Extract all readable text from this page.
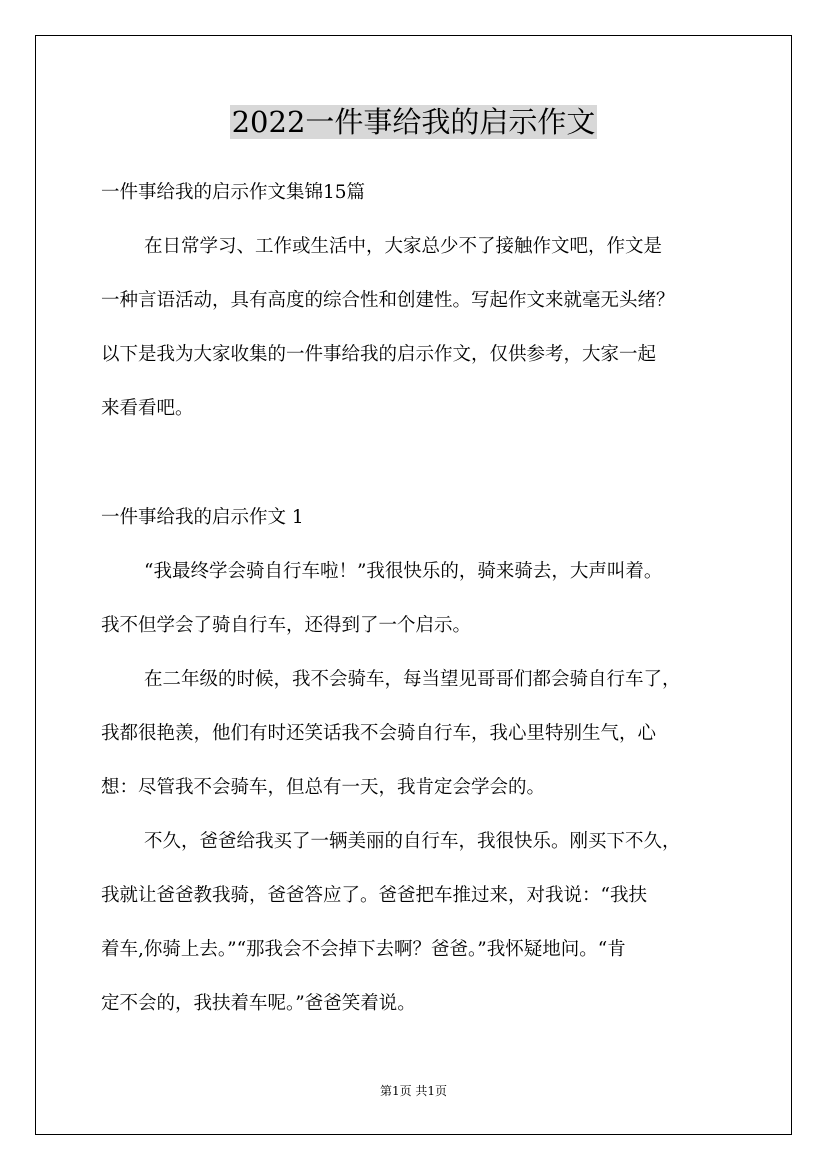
2022一件事给我的启示作文

一件事给我的启示作文集锦15篇

在日常学习、工作或生活中，大家总少不了接触作文吧，作文是

一种言语活动，具有高度的综合性和创建性。写起作文来就毫无头绪？

以下是我为大家收集的一件事给我的启示作文，仅供参考，大家一起

来看看吧。

一件事给我的启示作文 1

“我最终学会骑自行车啦！”我很快乐的，骑来骑去，大声叫着。

我不但学会了骑自行车，还得到了一个启示。

在二年级的时候，我不会骑车，每当望见哥哥们都会骑自行车了，

我都很艳羡，他们有时还笑话我不会骑自行车，我心里特别生气，心

想：尽管我不会骑车，但总有一天，我肯定会学会的。

不久，爸爸给我买了一辆美丽的自行车，我很快乐。刚买下不久，

我就让爸爸教我骑，爸爸答应了。爸爸把车推过来，对我说：“我扶

着车,你骑上去。”“那我会不会掉下去啊？爸爸。”我怀疑地问。“肯

定不会的，我扶着车呢。”爸爸笑着说。

第1页 共1页
